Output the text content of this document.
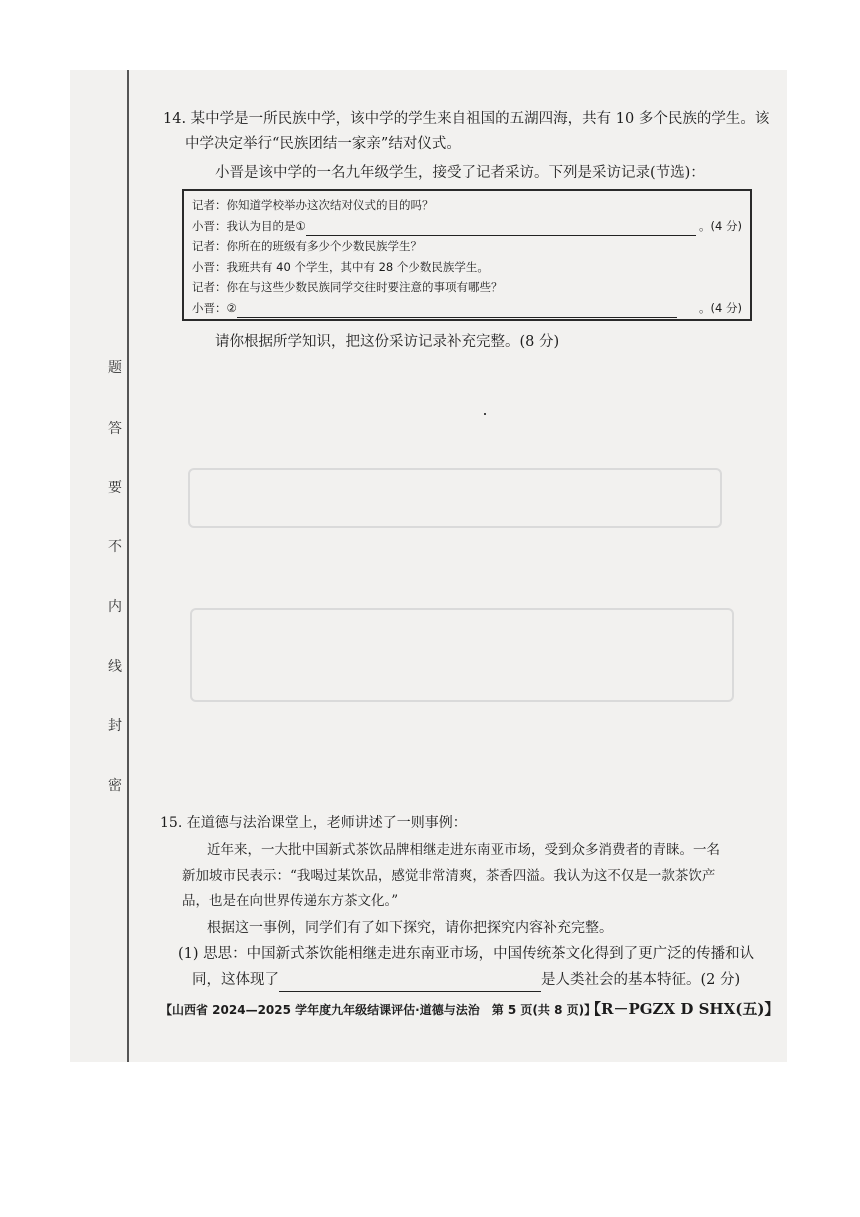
题
答
要
不
内
线
封
密
14. 某中学是一所民族中学，该中学的学生来自祖国的五湖四海，共有 10 多个民族的学生。该
中学决定举行“民族团结一家亲”结对仪式。
小晋是该中学的一名九年级学生，接受了记者采访。下列是采访记录(节选)：
记者：你知道学校举办这次结对仪式的目的吗？
小晋：我认为目的是①	。(4 分)
记者：你所在的班级有多少个少数民族学生？
小晋：我班共有 40 个学生，其中有 28 个少数民族学生。
记者：你在与这些少数民族同学交往时要注意的事项有哪些？
小晋：②	。(4 分)
请你根据所学知识，把这份采访记录补充完整。(8 分)
15. 在道德与法治课堂上，老师讲述了一则事例：
近年来，一大批中国新式茶饮品牌相继走进东南亚市场，受到众多消费者的青睐。一名
新加坡市民表示：“我喝过某饮品，感觉非常清爽，茶香四溢。我认为这不仅是一款茶饮产
品，也是在向世界传递东方茶文化。”
根据这一事例，同学们有了如下探究，请你把探究内容补充完整。
(1) 思思：中国新式茶饮能相继走进东南亚市场，中国传统茶文化得到了更广泛的传播和认
同，这体现了	是人类社会的基本特征。(2 分)
【山西省 2024—2025 学年度九年级结课评估·道德与法治　第 5 页(共 8 页)】
【R－PGZX D SHX(五)】
